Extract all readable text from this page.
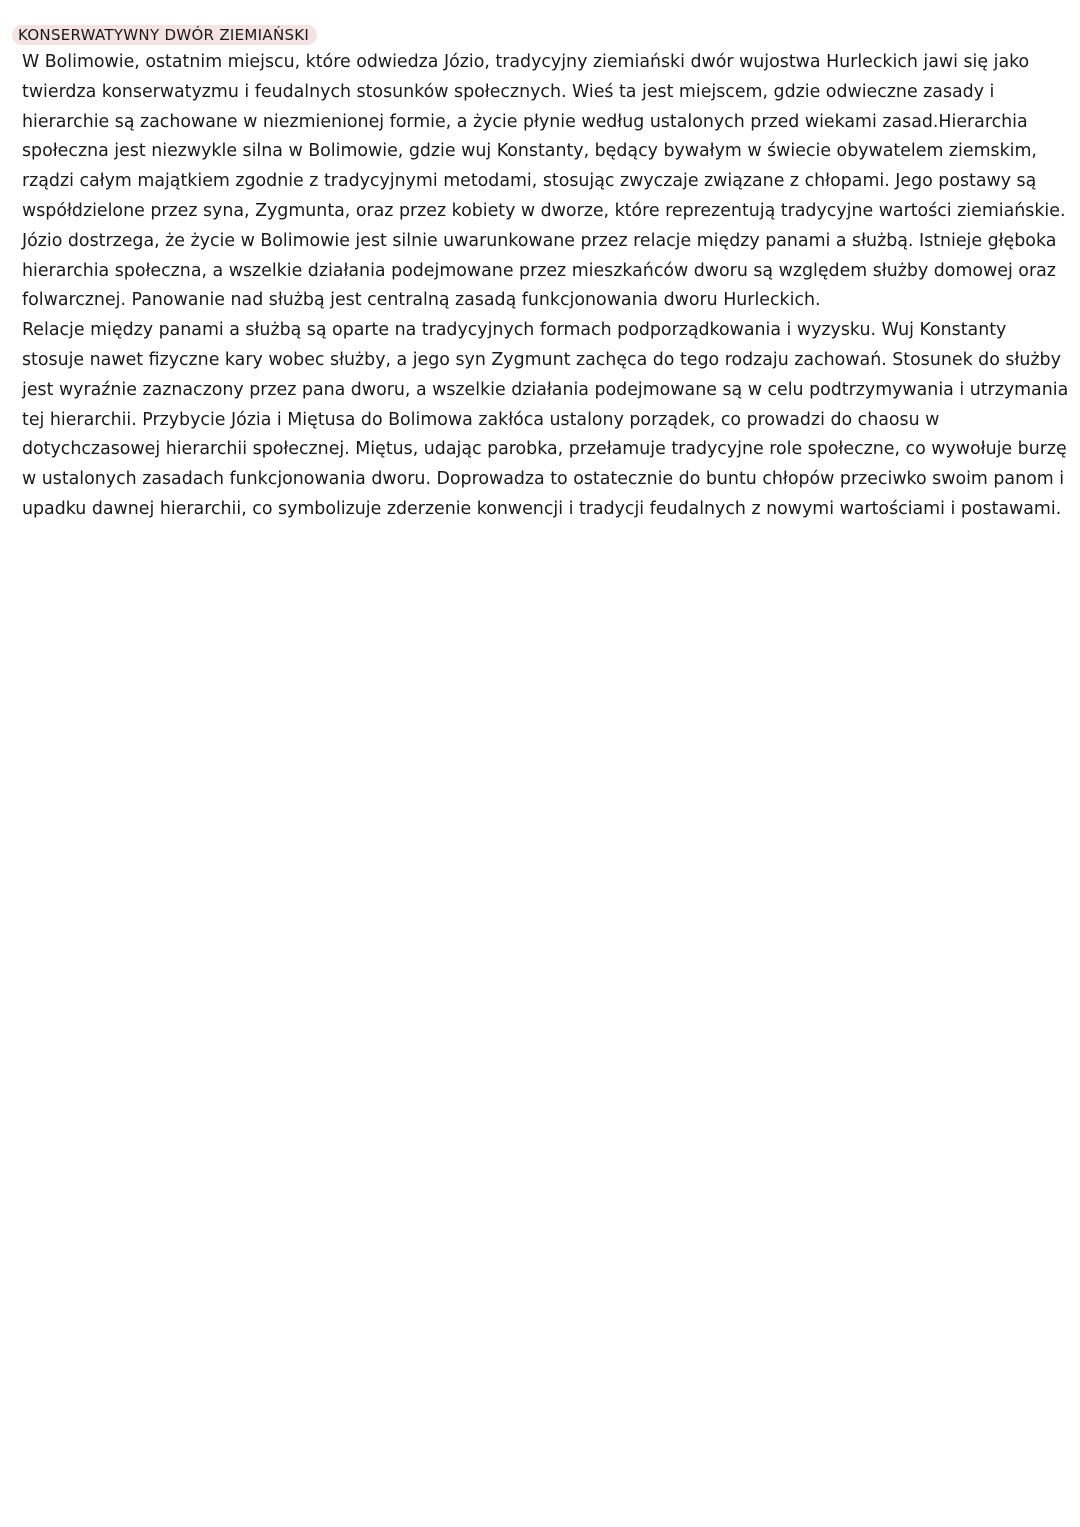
KONSERWATYWNY DWÓR ZIEMIAŃSKI

W Bolimowie, ostatnim miejscu, które odwiedza Józio, tradycyjny ziemiański dwór wujostwa Hurleckich jawi się jako
twierdza konserwatyzmu i feudalnych stosunków społecznych. Wieś ta jest miejscem, gdzie odwieczne zasady i
hierarchie są zachowane w niezmienionej formie, a życie płynie według ustalonych przed wiekami zasad.Hierarchia
społeczna jest niezwykle silna w Bolimowie, gdzie wuj Konstanty, będący bywałym w świecie obywatelem ziemskim,
rządzi całym majątkiem zgodnie z tradycyjnymi metodami, stosując zwyczaje związane z chłopami. Jego postawy są
współdzielone przez syna, Zygmunta, oraz przez kobiety w dworze, które reprezentują tradycyjne wartości ziemiańskie.
Józio dostrzega, że życie w Bolimowie jest silnie uwarunkowane przez relacje między panami a służbą. Istnieje głęboka
hierarchia społeczna, a wszelkie działania podejmowane przez mieszkańców dworu są względem służby domowej oraz
folwarcznej. Panowanie nad służbą jest centralną zasadą funkcjonowania dworu Hurleckich.
Relacje między panami a służbą są oparte na tradycyjnych formach podporządkowania i wyzysku. Wuj Konstanty
stosuje nawet fizyczne kary wobec służby, a jego syn Zygmunt zachęca do tego rodzaju zachowań. Stosunek do służby
jest wyraźnie zaznaczony przez pana dworu, a wszelkie działania podejmowane są w celu podtrzymywania i utrzymania
tej hierarchii. Przybycie Józia i Miętusa do Bolimowa zakłóca ustalony porządek, co prowadzi do chaosu w
dotychczasowej hierarchii społecznej. Miętus, udając parobka, przełamuje tradycyjne role społeczne, co wywołuje burzę
w ustalonych zasadach funkcjonowania dworu. Doprowadza to ostatecznie do buntu chłopów przeciwko swoim panom i
upadku dawnej hierarchii, co symbolizuje zderzenie konwencji i tradycji feudalnych z nowymi wartościami i postawami.
